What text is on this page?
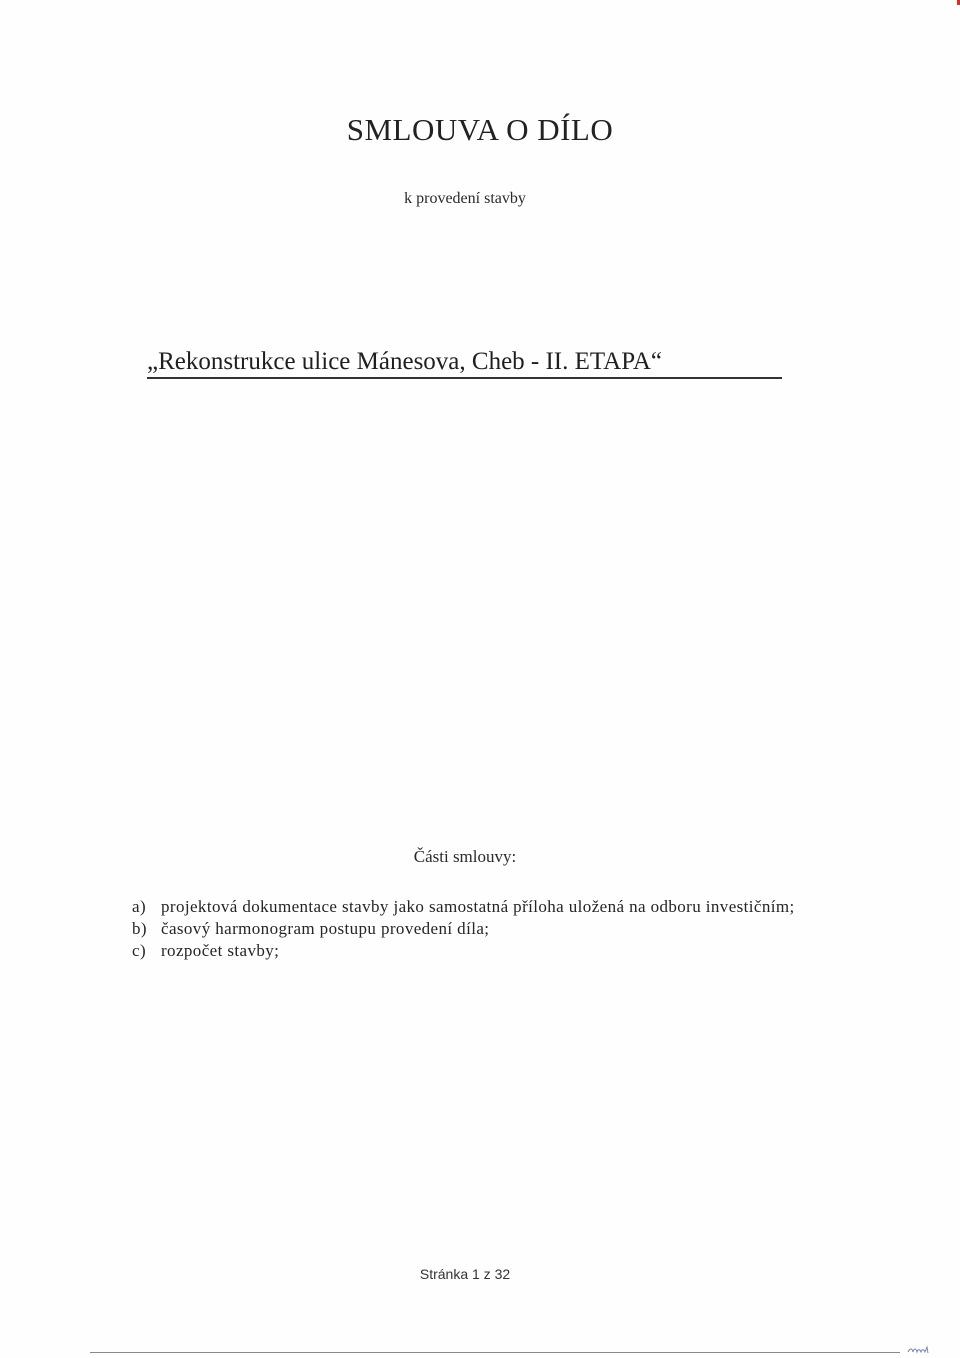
SMLOUVA O DÍLO
k provedení stavby
„Rekonstrukce ulice Mánesova, Cheb - II. ETAPA“
Části smlouvy:
a) projektová dokumentace stavby jako samostatná příloha uložená na odboru investičním;
b) časový harmonogram postupu provedení díla;
c) rozpočet stavby;
Stránka 1 z 32
